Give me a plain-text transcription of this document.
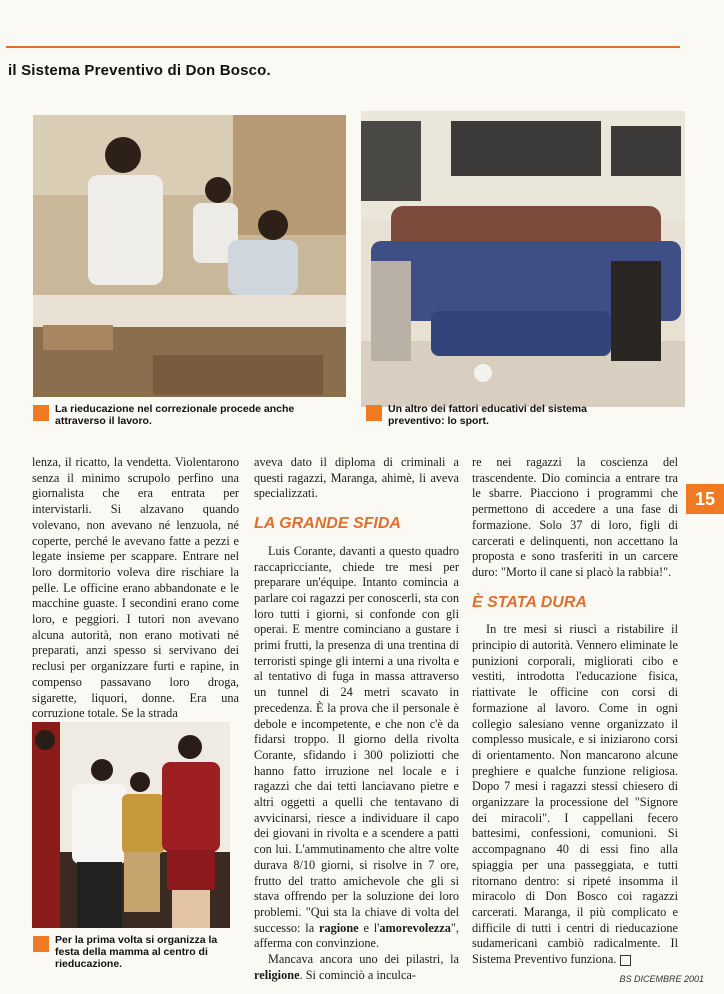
il Sistema Preventivo di Don Bosco.
La rieducazione nel correzionale procede anche attraverso il lavoro.
Un altro dei fattori educativi del sistema preventivo: lo sport.
Per la prima volta si organizza la festa della mamma al centro di rieducazione.

lenza, il ricatto, la vendetta. Violentarono senza il minimo scrupolo perfino una giornalista che era entrata per intervistarli. Si alzavano quando volevano, non avevano né lenzuola, né coperte, perché le avevano fatte a pezzi e legate insieme per scappare. Entrare nel loro dormitorio voleva dire rischiare la pelle. Le officine erano abbandonate e le macchine guaste. I secondini erano come loro, e peggiori. I tutori non avevano alcuna autorità, non erano motivati né preparati, anzi spesso si servivano dei reclusi per organizzare furti e rapine, in compenso passavano loro droga, sigarette, liquori, donne. Era una corruzione totale. Se la strada

aveva dato il diploma di criminali a questi ragazzi, Maranga, ahimè, li aveva specializzati.

LA GRANDE SFIDA

Luis Corante, davanti a questo quadro raccapricciante, chiede tre mesi per preparare un'équipe. Intanto comincia a parlare coi ragazzi per conoscerli, sta con loro tutti i giorni, si confonde con gli operai. E mentre cominciano a gustare i primi frutti, la presenza di una trentina di terroristi spinge gli interni a una rivolta e al tentativo di fuga in massa attraverso un tunnel di 24 metri scavato in precedenza. È la prova che il personale è debole e incompetente, e che non c'è da fidarsi troppo. Il giorno della rivolta Corante, sfidando i 300 poliziotti che hanno fatto irruzione nel locale e i ragazzi che dai tetti lanciavano pietre e altri oggetti a quelli che tentavano di avvicinarsi, riesce a individuare il capo dei giovani in rivolta e a scendere a patti con lui. L'ammutinamento che altre volte durava 8/10 giorni, si risolve in 7 ore, frutto del tratto amichevole che gli si stava offrendo per la soluzione dei loro problemi. "Qui sta la chiave di volta del successo: la ragione e l'amorevolezza", afferma con convinzione.

Mancava ancora uno dei pilastri, la religione. Si cominciò a inculca-

re nei ragazzi la coscienza del trascendente. Dio comincia a entrare tra le sbarre. Piacciono i programmi che permettono di accedere a una fase di formazione. Solo 37 di loro, figli di carcerati e delinquenti, non accettano la proposta e sono trasferiti in un carcere duro: "Morto il cane si placò la rabbia!".

È STATA DURA

In tre mesi si riuscì a ristabilire il principio di autorità. Vennero eliminate le punizioni corporali, migliorati cibo e vestiti, introdotta l'educazione fisica, riattivate le officine con corsi di formazione al lavoro. Come in ogni collegio salesiano venne organizzato il complesso musicale, e si iniziarono corsi di orientamento. Non mancarono alcune preghiere e qualche funzione religiosa. Dopo 7 mesi i ragazzi stessi chiesero di organizzare la processione del "Signore dei miracoli". I cappellani fecero battesimi, confessioni, comunioni. Si accompagnano 40 di essi fino alla spiaggia per una passeggiata, e tutti ritornano dentro: si ripeté insomma il miracolo di Don Bosco coi ragazzi carcerati. Maranga, il più complicato e difficile di tutti i centri di rieducazione sudamericani cambiò radicalmente. Il Sistema Preventivo funziona.

15
BS DICEMBRE 2001
